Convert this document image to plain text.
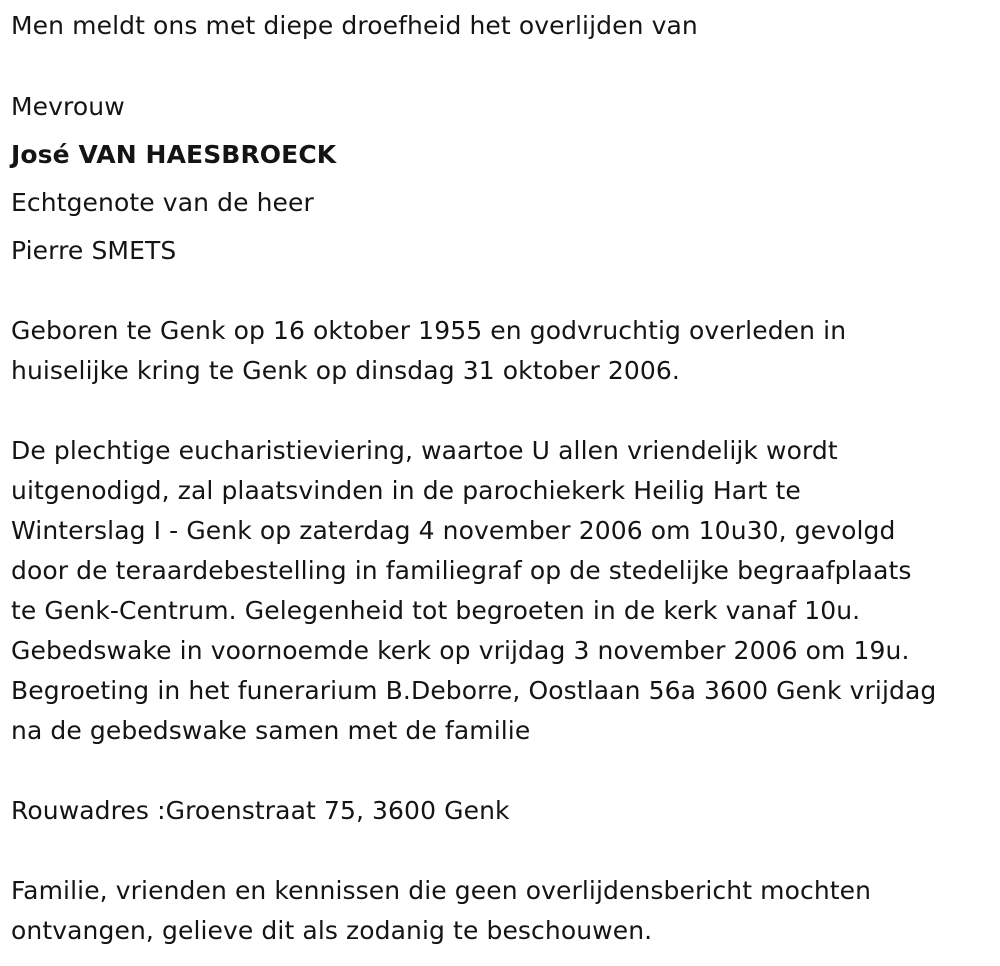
Men meldt ons met diepe droefheid het overlijden van
Mevrouw
José VAN HAESBROECK
Echtgenote van de heer
Pierre SMETS
Geboren te Genk op 16 oktober 1955 en godvruchtig overleden in
huiselijke kring te Genk op dinsdag 31 oktober 2006.
De plechtige eucharistieviering, waartoe U allen vriendelijk wordt
uitgenodigd, zal plaatsvinden in de parochiekerk Heilig Hart te
Winterslag I - Genk op zaterdag 4 november 2006 om 10u30, gevolgd
door de teraardebestelling in familiegraf op de stedelijke begraafplaats
te Genk-Centrum. Gelegenheid tot begroeten in de kerk vanaf 10u.
Gebedswake in voornoemde kerk op vrijdag 3 november 2006 om 19u.
Begroeting in het funerarium B.Deborre, Oostlaan 56a 3600 Genk vrijdag
na de gebedswake samen met de familie
Rouwadres :Groenstraat 75, 3600 Genk
Familie, vrienden en kennissen die geen overlijdensbericht mochten
ontvangen, gelieve dit als zodanig te beschouwen.
